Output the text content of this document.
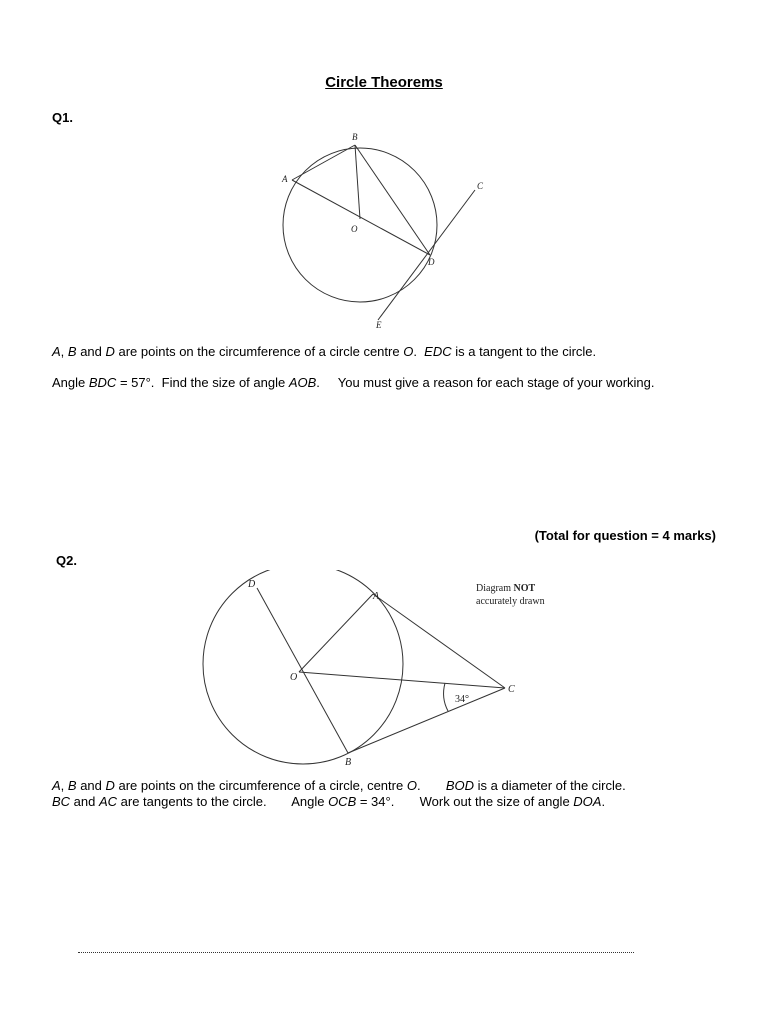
Circle Theorems
Q1.
B
A
C
O
D
E
A, B and D are points on the circumference of a circle centre O.  EDC is a tangent to the circle.
Angle BDC = 57°.  Find the size of angle AOB.     You must give a reason for each stage of your working.
(Total for question = 4 marks)
Q2.
D
A
O
C
B
34°
Diagram NOT
accurately drawn
A, B and D are points on the circumference of a circle, centre O.       BOD is a diameter of the circle.
BC and AC are tangents to the circle.       Angle OCB = 34°.       Work out the size of angle DOA.
